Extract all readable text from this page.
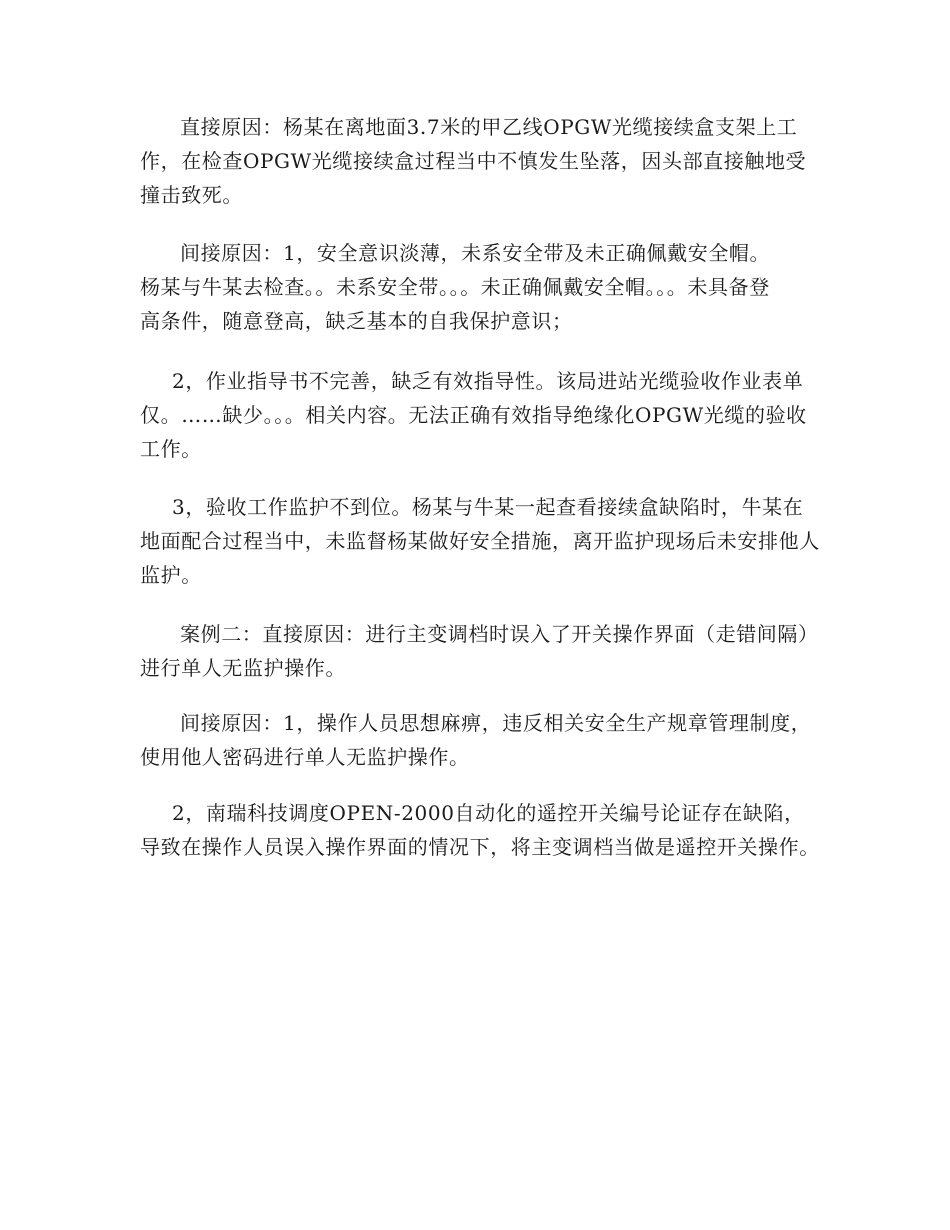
直接原因：杨某在离地面3.7米的甲乙线OPGW光缆接续盒支架上工作，在检查OPGW光缆接续盒过程当中不慎发生坠落，因头部直接触地受撞击致死。

间接原因：1，安全意识淡薄，未系安全带及未正确佩戴安全帽。杨某与牛某去检查。。未系安全带。。。未正确佩戴安全帽。。。未具备登高条件，随意登高，缺乏基本的自我保护意识；

2，作业指导书不完善，缺乏有效指导性。该局进站光缆验收作业表单仅。……缺少。。。相关内容。无法正确有效指导绝缘化OPGW光缆的验收工作。

3，验收工作监护不到位。杨某与牛某一起查看接续盒缺陷时，牛某在地面配合过程当中，未监督杨某做好安全措施，离开监护现场后未安排他人监护。

案例二：直接原因：进行主变调档时误入了开关操作界面（走错间隔）进行单人无监护操作。

间接原因：1，操作人员思想麻痹，违反相关安全生产规章管理制度，使用他人密码进行单人无监护操作。

2，南瑞科技调度OPEN-2000自动化的遥控开关编号论证存在缺陷，导致在操作人员误入操作界面的情况下，将主变调档当做是遥控开关操作。
